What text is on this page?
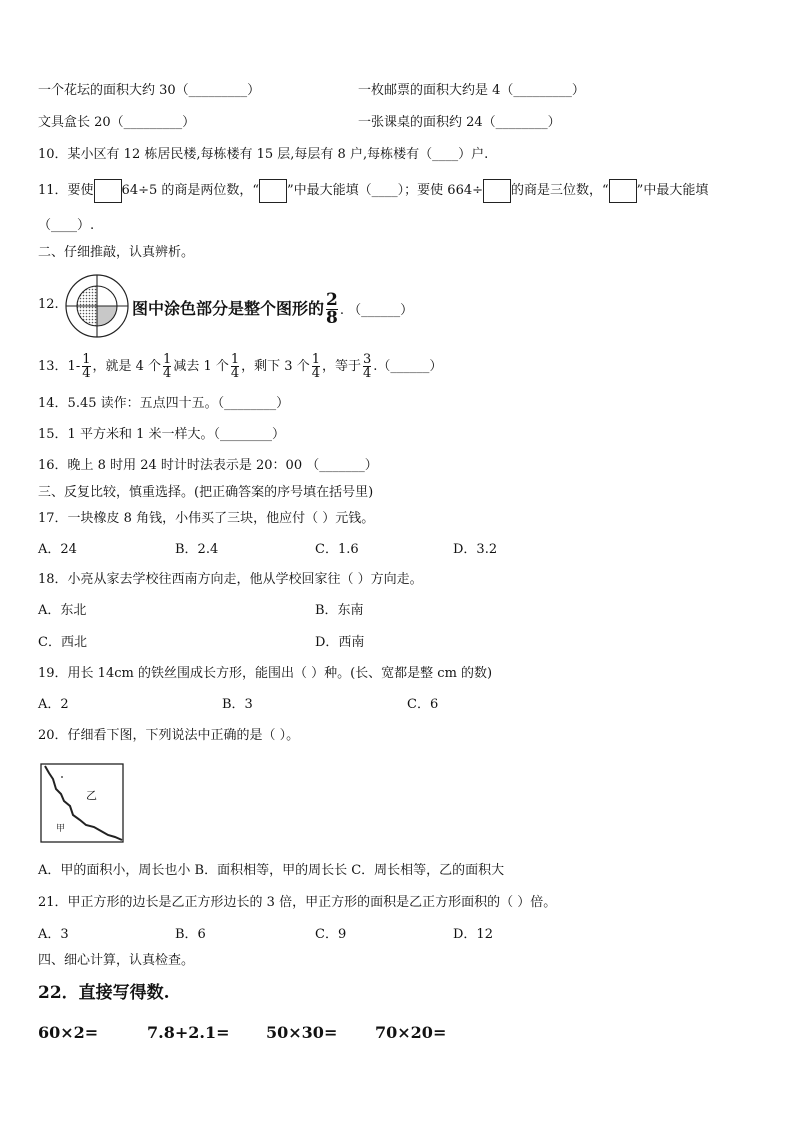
一个花坛的面积大约 30（_________）	一枚邮票的面积大约是 4（_________）
文具盒长 20（_________）	一张课桌的面积约 24（________）
10．某小区有 12 栋居民楼,每栋楼有 15 层,每层有 8 户,每栋楼有（____）户.
11．要使 64÷5 的商是两位数，“ ”中最大能填（____）；要使 664÷ 的商是三位数，“ ”中最大能填
（____）.
二、仔细推敲，认真辨析。
12.	图中涂色部分是整个图形的 $\frac{2}{8}$ . （______）
13．$1- \frac{1}{4}$ ，就是 4 个 $\frac{1}{4}$ 减去 1 个 $\frac{1}{4}$ ，剩下 3 个 $\frac{1}{4}$ ，等于 $\frac{3}{4}$ .（______）
14．5.45 读作：五点四十五。（________）
15．1 平方米和 1 米一样大。（________）
16．晚上 8 时用 24 时计时法表示是 20：00 （_______）
三、反复比较，慎重选择。(把正确答案的序号填在括号里)
17．一块橡皮 8 角钱，小伟买了三块，他应付（ ）元钱。
A．24	B．2.4	C．1.6	D．3.2
18．小亮从家去学校往西南方向走，他从学校回家往（ ）方向走。
A．东北	B．东南
C．西北	D．西南
19．用长 14cm 的铁丝围成长方形，能围出（ ）种。(长、宽都是整 cm 的数)
A．2	B．3	C．6
20．仔细看下图，下列说法中正确的是（ ）。
乙
甲
A．甲的面积小，周长也小 B．面积相等，甲的周长长 C．周长相等，乙的面积大
21．甲正方形的边长是乙正方形边长的 3 倍，甲正方形的面积是乙正方形面积的（ ）倍。
A．3	B．6	C．9	D．12
四、细心计算，认真检查。
22．直接写得数.
60×2=	7.8+2.1= 50×30= 70×20=
